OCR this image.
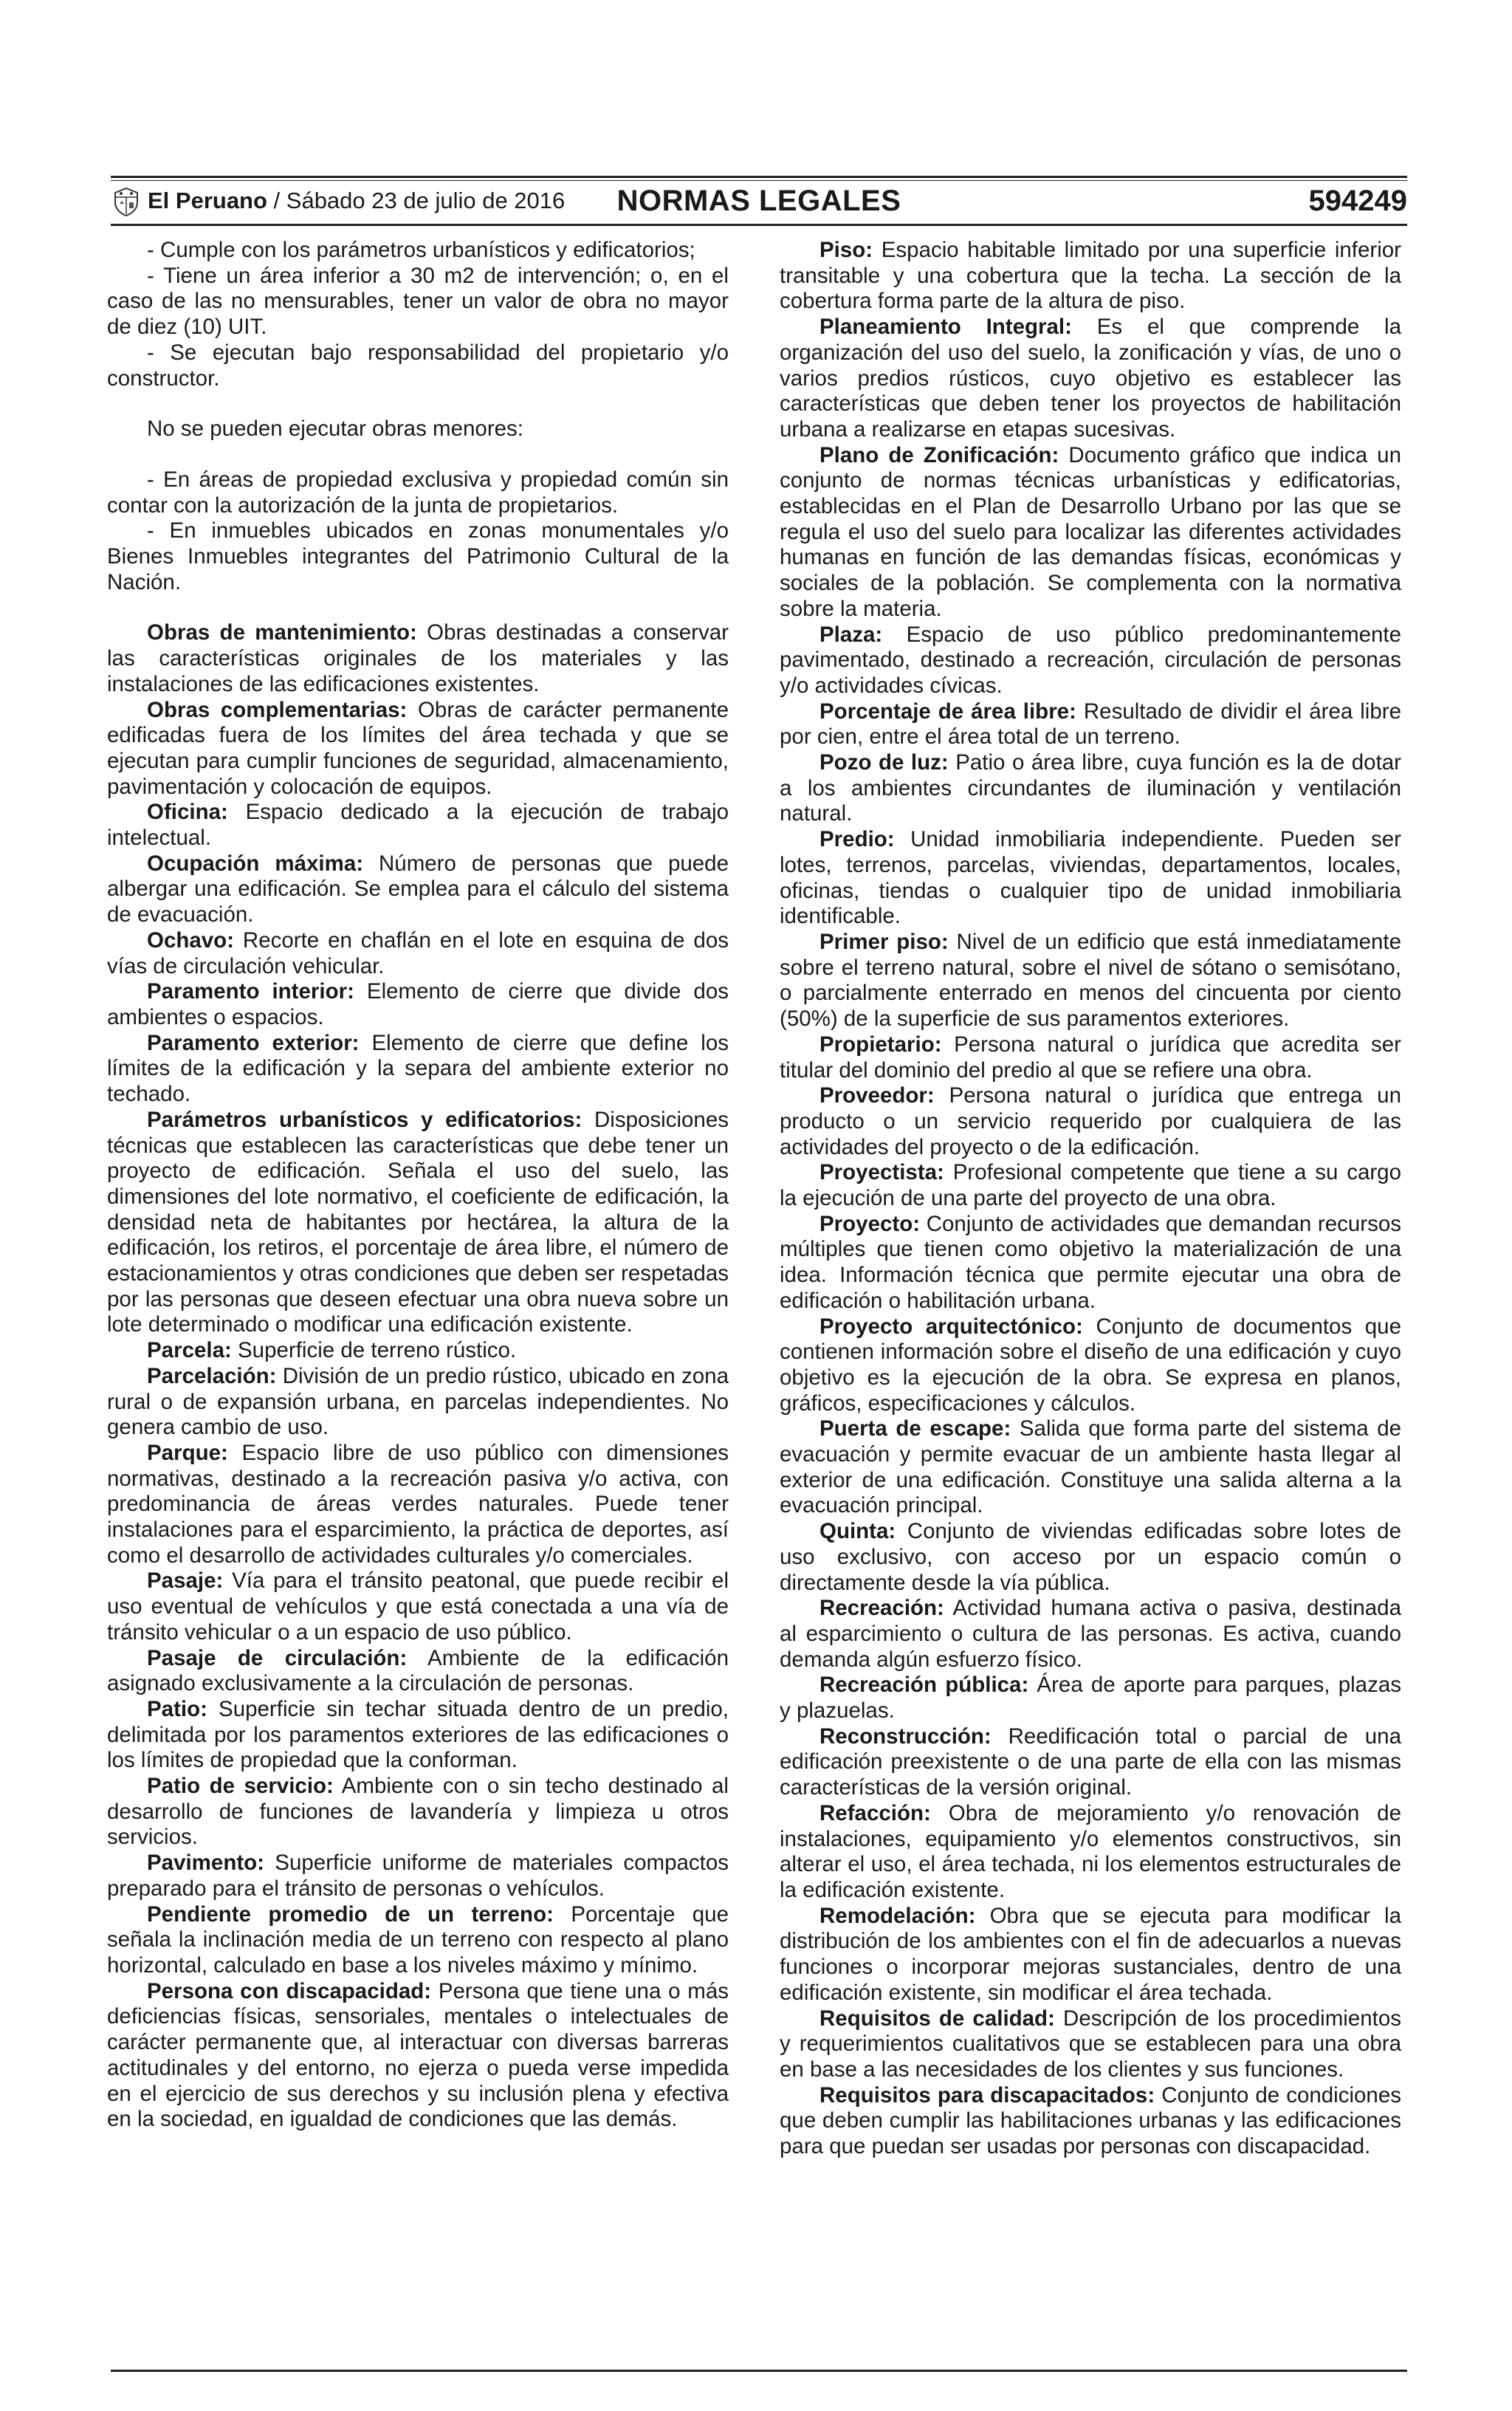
El Peruano / Sábado 23 de julio de 2016	NORMAS LEGALES	594249

- Cumple con los parámetros urbanísticos y edificatorios;

- Tiene un área inferior a 30 m2 de intervención; o, en el caso de las no mensurables, tener un valor de obra no mayor de diez (10) UIT.

- Se ejecutan bajo responsabilidad del propietario y/o constructor.

No se pueden ejecutar obras menores:

- En áreas de propiedad exclusiva y propiedad común sin contar con la autorización de la junta de propietarios.

- En inmuebles ubicados en zonas monumentales y/o Bienes Inmuebles integrantes del Patrimonio Cultural de la Nación.

Obras de mantenimiento: Obras destinadas a conservar las características originales de los materiales y las instalaciones de las edificaciones existentes.

Obras complementarias: Obras de carácter permanente edificadas fuera de los límites del área techada y que se ejecutan para cumplir funciones de seguridad, almacenamiento, pavimentación y colocación de equipos.

Oficina: Espacio dedicado a la ejecución de trabajo intelectual.

Ocupación máxima: Número de personas que puede albergar una edificación. Se emplea para el cálculo del sistema de evacuación.

Ochavo: Recorte en chaflán en el lote en esquina de dos vías de circulación vehicular.

Paramento interior: Elemento de cierre que divide dos ambientes o espacios.

Paramento exterior: Elemento de cierre que define los límites de la edificación y la separa del ambiente exterior no techado.

Parámetros urbanísticos y edificatorios: Disposiciones técnicas que establecen las características que debe tener un proyecto de edificación. Señala el uso del suelo, las dimensiones del lote normativo, el coeficiente de edificación, la densidad neta de habitantes por hectárea, la altura de la edificación, los retiros, el porcentaje de área libre, el número de estacionamientos y otras condiciones que deben ser respetadas por las personas que deseen efectuar una obra nueva sobre un lote determinado o modificar una edificación existente.

Parcela: Superficie de terreno rústico.

Parcelación: División de un predio rústico, ubicado en zona rural o de expansión urbana, en parcelas independientes. No genera cambio de uso.

Parque: Espacio libre de uso público con dimensiones normativas, destinado a la recreación pasiva y/o activa, con predominancia de áreas verdes naturales. Puede tener instalaciones para el esparcimiento, la práctica de deportes, así como el desarrollo de actividades culturales y/o comerciales.

Pasaje: Vía para el tránsito peatonal, que puede recibir el uso eventual de vehículos y que está conectada a una vía de tránsito vehicular o a un espacio de uso público.

Pasaje de circulación: Ambiente de la edificación asignado exclusivamente a la circulación de personas.

Patio: Superficie sin techar situada dentro de un predio, delimitada por los paramentos exteriores de las edificaciones o los límites de propiedad que la conforman.

Patio de servicio: Ambiente con o sin techo destinado al desarrollo de funciones de lavandería y limpieza u otros servicios.

Pavimento: Superficie uniforme de materiales compactos preparado para el tránsito de personas o vehículos.

Pendiente promedio de un terreno: Porcentaje que señala la inclinación media de un terreno con respecto al plano horizontal, calculado en base a los niveles máximo y mínimo.

Persona con discapacidad: Persona que tiene una o más deficiencias físicas, sensoriales, mentales o intelectuales de carácter permanente que, al interactuar con diversas barreras actitudinales y del entorno, no ejerza o pueda verse impedida en el ejercicio de sus derechos y su inclusión plena y efectiva en la sociedad, en igualdad de condiciones que las demás.

Piso: Espacio habitable limitado por una superficie inferior transitable y una cobertura que la techa. La sección de la cobertura forma parte de la altura de piso.

Planeamiento Integral: Es el que comprende la organización del uso del suelo, la zonificación y vías, de uno o varios predios rústicos, cuyo objetivo es establecer las características que deben tener los proyectos de habilitación urbana a realizarse en etapas sucesivas.

Plano de Zonificación: Documento gráfico que indica un conjunto de normas técnicas urbanísticas y edificatorias, establecidas en el Plan de Desarrollo Urbano por las que se regula el uso del suelo para localizar las diferentes actividades humanas en función de las demandas físicas, económicas y sociales de la población. Se complementa con la normativa sobre la materia.

Plaza: Espacio de uso público predominantemente pavimentado, destinado a recreación, circulación de personas y/o actividades cívicas.

Porcentaje de área libre: Resultado de dividir el área libre por cien, entre el área total de un terreno.

Pozo de luz: Patio o área libre, cuya función es la de dotar a los ambientes circundantes de iluminación y ventilación natural.

Predio: Unidad inmobiliaria independiente. Pueden ser lotes, terrenos, parcelas, viviendas, departamentos, locales, oficinas, tiendas o cualquier tipo de unidad inmobiliaria identificable.

Primer piso: Nivel de un edificio que está inmediatamente sobre el terreno natural, sobre el nivel de sótano o semisótano, o parcialmente enterrado en menos del cincuenta por ciento (50%) de la superficie de sus paramentos exteriores.

Propietario: Persona natural o jurídica que acredita ser titular del dominio del predio al que se refiere una obra.

Proveedor: Persona natural o jurídica que entrega un producto o un servicio requerido por cualquiera de las actividades del proyecto o de la edificación.

Proyectista: Profesional competente que tiene a su cargo la ejecución de una parte del proyecto de una obra.

Proyecto: Conjunto de actividades que demandan recursos múltiples que tienen como objetivo la materialización de una idea. Información técnica que permite ejecutar una obra de edificación o habilitación urbana.

Proyecto arquitectónico: Conjunto de documentos que contienen información sobre el diseño de una edificación y cuyo objetivo es la ejecución de la obra. Se expresa en planos, gráficos, especificaciones y cálculos.

Puerta de escape: Salida que forma parte del sistema de evacuación y permite evacuar de un ambiente hasta llegar al exterior de una edificación. Constituye una salida alterna a la evacuación principal.

Quinta: Conjunto de viviendas edificadas sobre lotes de uso exclusivo, con acceso por un espacio común o directamente desde la vía pública.

Recreación: Actividad humana activa o pasiva, destinada al esparcimiento o cultura de las personas. Es activa, cuando demanda algún esfuerzo físico.

Recreación pública: Área de aporte para parques, plazas y plazuelas.

Reconstrucción: Reedificación total o parcial de una edificación preexistente o de una parte de ella con las mismas características de la versión original.

Refacción: Obra de mejoramiento y/o renovación de instalaciones, equipamiento y/o elementos constructivos, sin alterar el uso, el área techada, ni los elementos estructurales de la edificación existente.

Remodelación: Obra que se ejecuta para modificar la distribución de los ambientes con el fin de adecuarlos a nuevas funciones o incorporar mejoras sustanciales, dentro de una edificación existente, sin modificar el área techada.

Requisitos de calidad: Descripción de los procedimientos y requerimientos cualitativos que se establecen para una obra en base a las necesidades de los clientes y sus funciones.

Requisitos para discapacitados: Conjunto de condiciones que deben cumplir las habilitaciones urbanas y las edificaciones para que puedan ser usadas por personas con discapacidad.
